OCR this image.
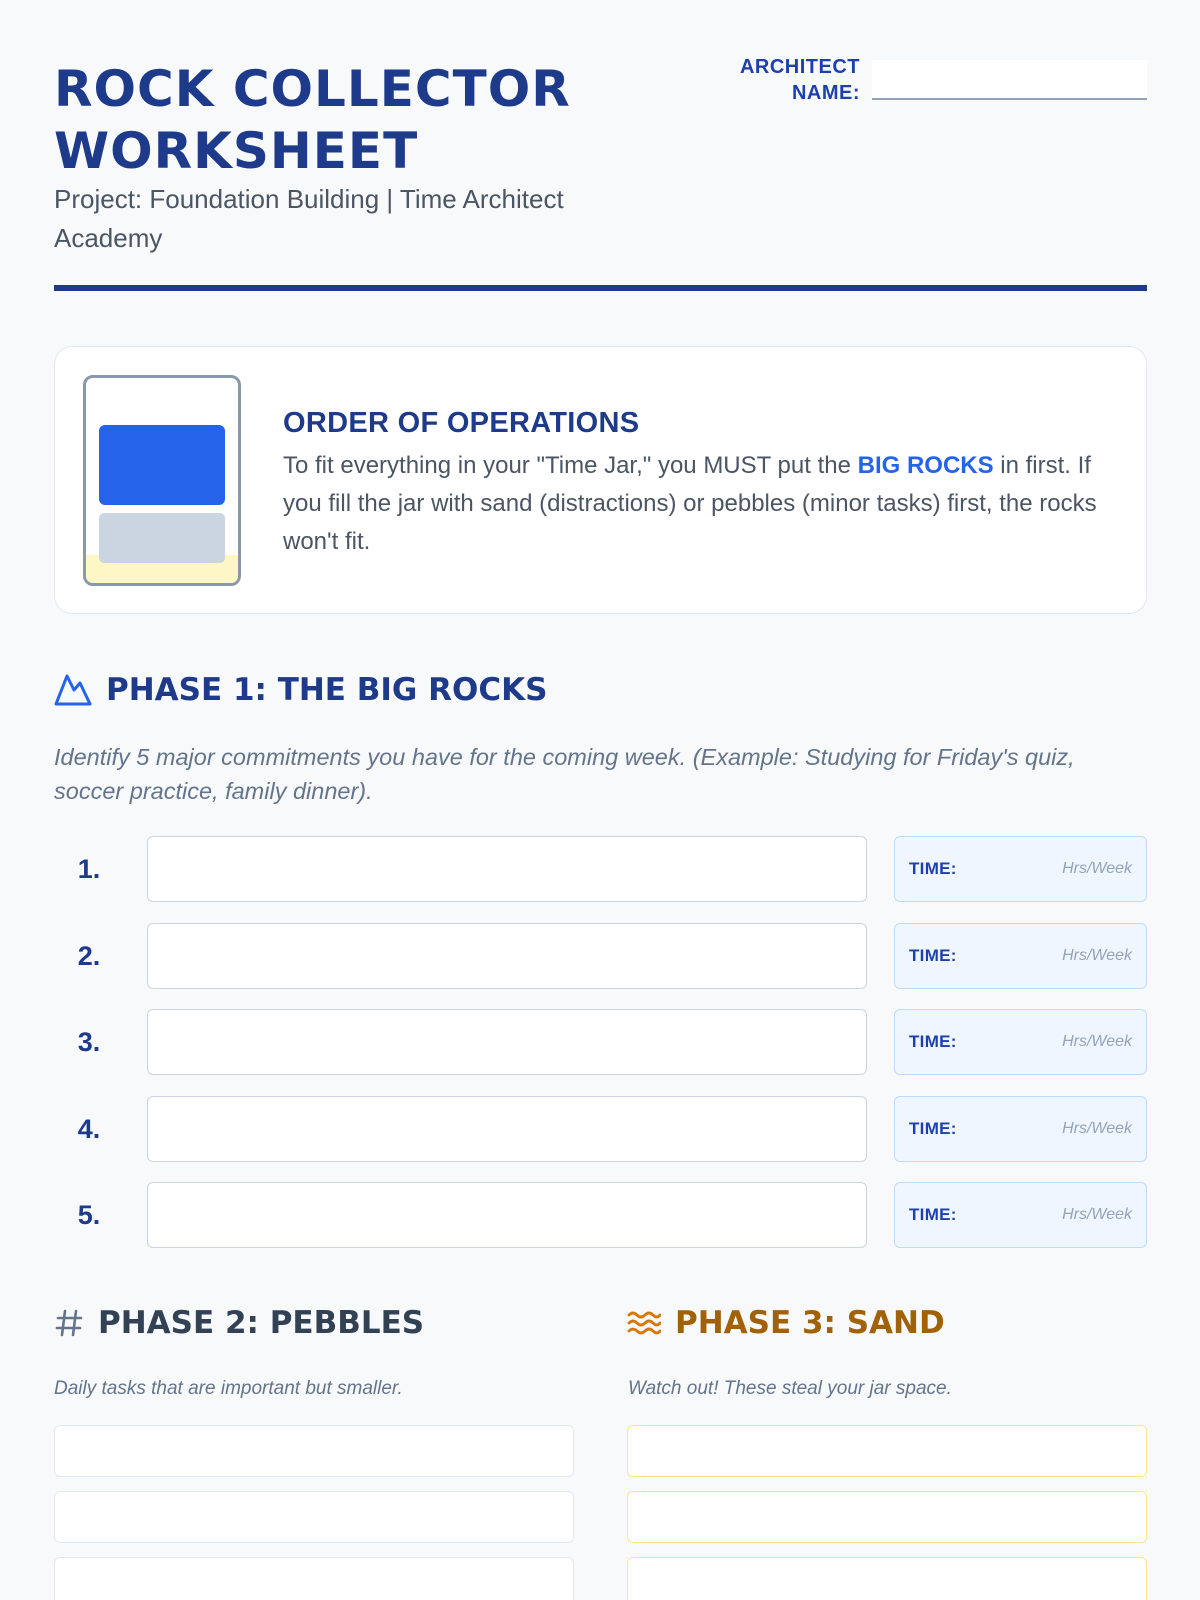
ROCK COLLECTOR WORKSHEET

Project: Foundation Building | Time Architect Academy

ARCHITECT NAME:
ORDER OF OPERATIONS

To fit everything in your "Time Jar," you MUST put the BIG ROCKS in first. If you fill the jar with sand (distractions) or pebbles (minor tasks) first, the rocks won't fit.

PHASE 1: THE BIG ROCKS

Identify 5 major commitments you have for the coming week. (Example: Studying for Friday's quiz, soccer practice, family dinner).

1.	TIME:	Hrs/Week
2.	TIME:	Hrs/Week
3.	TIME:	Hrs/Week
4.	TIME:	Hrs/Week
5.	TIME:	Hrs/Week
PHASE 2: PEBBLES

Daily tasks that are important but smaller.

PHASE 3: SAND

Watch out! These steal your jar space.
